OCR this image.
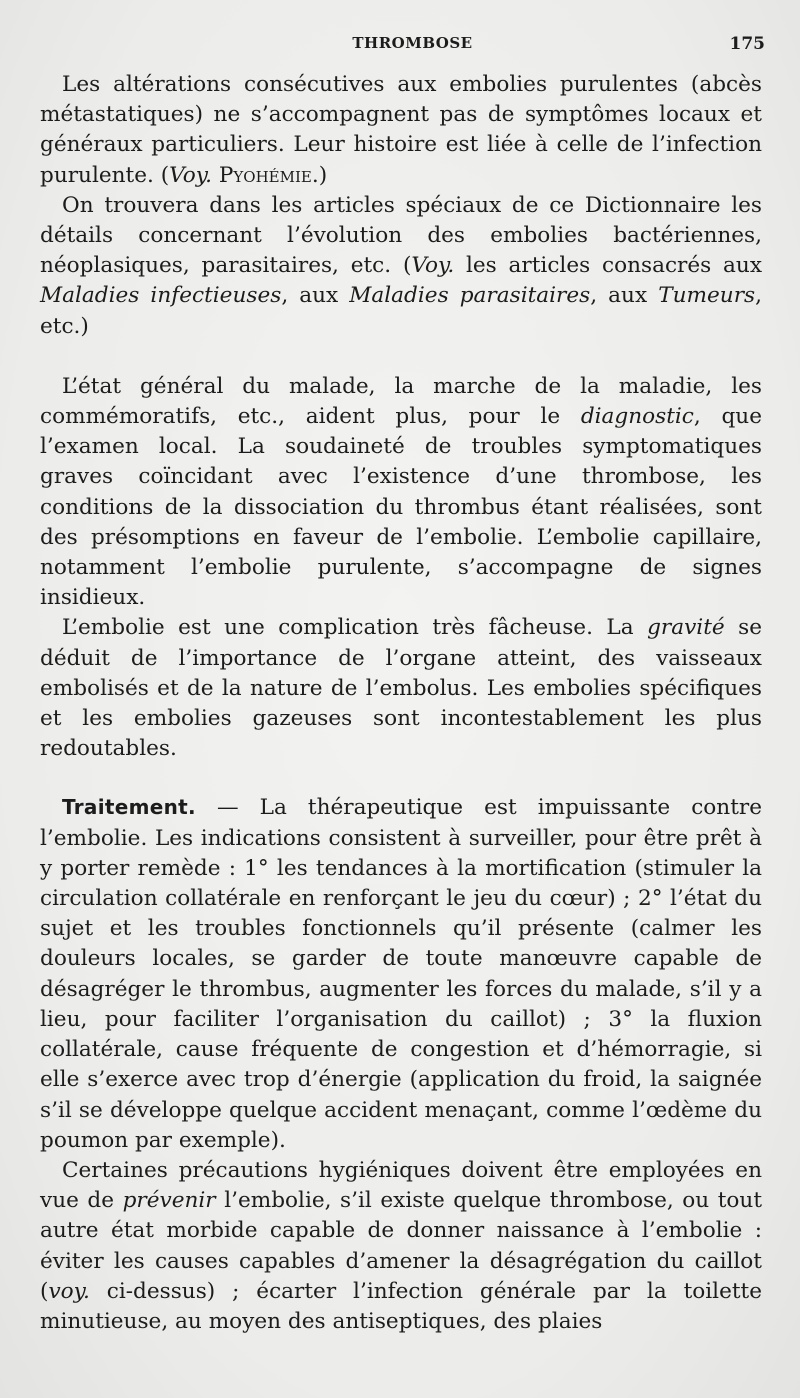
THROMBOSE	175

Les altérations consécutives aux embolies purulentes (abcès métastatiques) ne s’accompagnent pas de symptômes locaux et généraux particuliers. Leur histoire est liée à celle de l’infection purulente. (Voy. Pyohémie.)

On trouvera dans les articles spéciaux de ce Dictionnaire les détails concernant l’évolution des embolies bactériennes, néoplasiques, parasitaires, etc. (Voy. les articles consacrés aux Maladies infectieuses, aux Maladies parasitaires, aux Tumeurs, etc.)

L’état général du malade, la marche de la maladie, les commémoratifs, etc., aident plus, pour le diagnostic, que l’examen local. La soudaineté de troubles symptomatiques graves coïncidant avec l’existence d’une thrombose, les conditions de la dissociation du thrombus étant réalisées, sont des présomptions en faveur de l’embolie. L’embolie capillaire, notamment l’embolie purulente, s’accompagne de signes insidieux.

L’embolie est une complication très fâcheuse. La gravité se déduit de l’importance de l’organe atteint, des vaisseaux embolisés et de la nature de l’embolus. Les embolies spécifiques et les embolies gazeuses sont incontestablement les plus redoutables.

Traitement. — La thérapeutique est impuissante contre l’embolie. Les indications consistent à surveiller, pour être prêt à y porter remède : 1° les tendances à la mortification (stimuler la circulation collatérale en renforçant le jeu du cœur) ; 2° l’état du sujet et les troubles fonctionnels qu’il présente (calmer les douleurs locales, se garder de toute manœuvre capable de désagréger le thrombus, augmenter les forces du malade, s’il y a lieu, pour faciliter l’organisation du caillot) ; 3° la fluxion collatérale, cause fréquente de congestion et d’hémorragie, si elle s’exerce avec trop d’énergie (application du froid, la saignée s’il se développe quelque accident menaçant, comme l’œdème du poumon par exemple).

Certaines précautions hygiéniques doivent être employées en vue de prévenir l’embolie, s’il existe quelque thrombose, ou tout autre état morbide capable de donner naissance à l’embolie : éviter les causes capables d’amener la désagrégation du caillot (voy. ci-dessus) ; écarter l’infection générale par la toilette minutieuse, au moyen des antiseptiques, des plaies
